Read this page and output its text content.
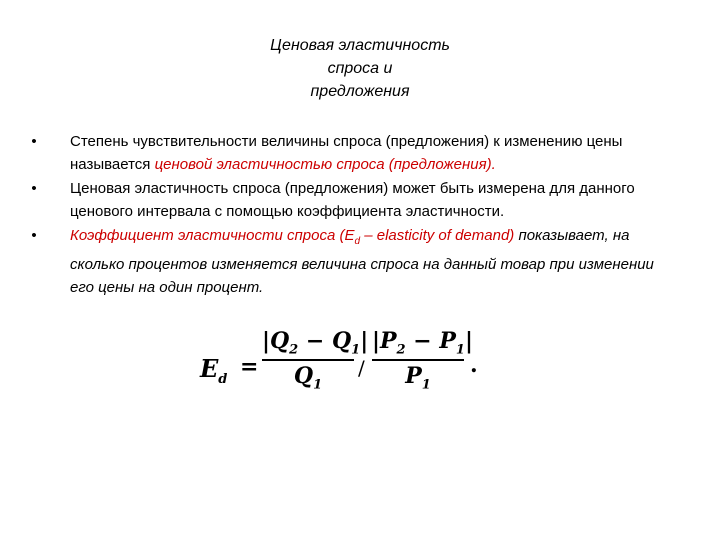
Ценовая эластичность
спроса и
предложения
• Степень чувствительности величины спроса (предложения) к изменению цены называется ценовой эластичностью спроса (предложения).
• Ценовая эластичность спроса (предложения) может быть измерена для данного ценового интервала с помощью коэффициента эластичности.
• Коэффициент эластичности спроса ($E_d$ – elasticity of demand) показывает, на сколько процентов изменяется величина спроса на данный товар при изменении его цены на один процент.
$E_d$ =
$|Q_2 - Q_1|$
$Q_1$
/
$|P_2 - P_1|$
$P_1$
.
